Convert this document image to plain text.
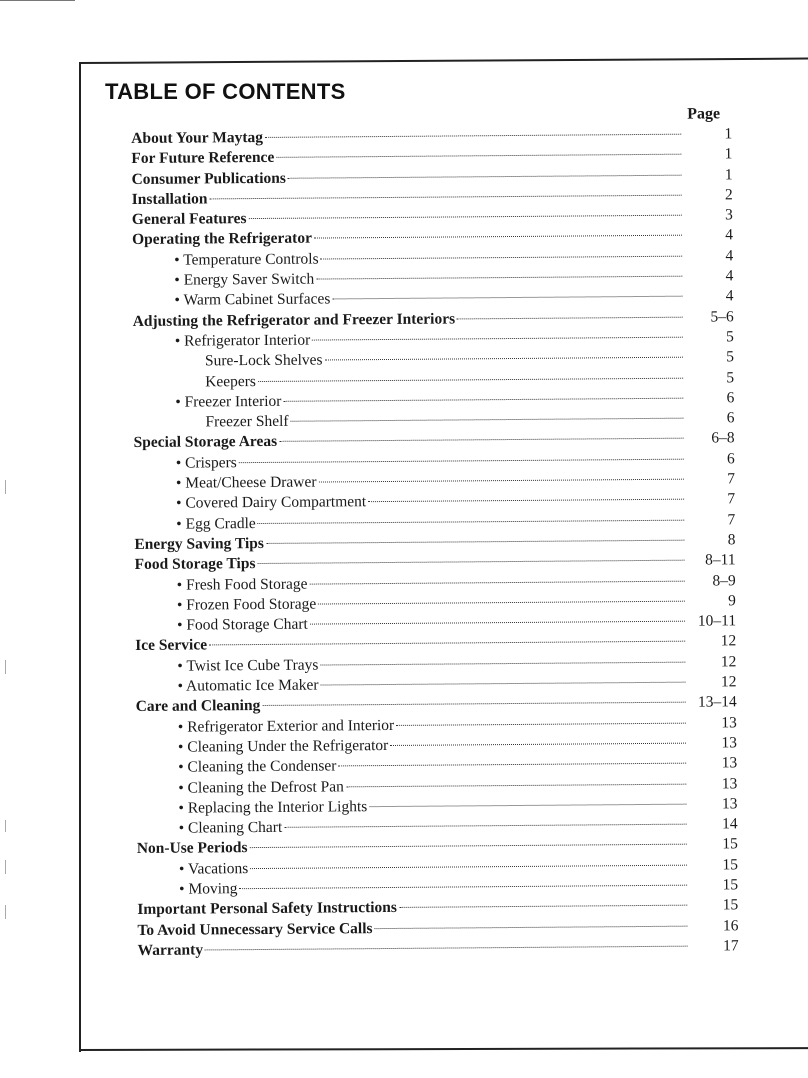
TABLE OF CONTENTS
Page
About Your Maytag	1
For Future Reference	1
Consumer Publications	1
Installation	2
General Features	3
Operating the Refrigerator	4
• Temperature Controls	4
• Energy Saver Switch	4
• Warm Cabinet Surfaces	4
Adjusting the Refrigerator and Freezer Interiors	5–6
• Refrigerator Interior	5
Sure-Lock Shelves	5
Keepers	5
• Freezer Interior	6
Freezer Shelf	6
Special Storage Areas	6–8
• Crispers	6
• Meat/Cheese Drawer	7
• Covered Dairy Compartment	7
• Egg Cradle	7
Energy Saving Tips	8
Food Storage Tips	8–11
• Fresh Food Storage	8–9
• Frozen Food Storage	9
• Food Storage Chart	10–11
Ice Service	12
• Twist Ice Cube Trays	12
• Automatic Ice Maker	12
Care and Cleaning	13–14
• Refrigerator Exterior and Interior	13
• Cleaning Under the Refrigerator	13
• Cleaning the Condenser	13
• Cleaning the Defrost Pan	13
• Replacing the Interior Lights	13
• Cleaning Chart	14
Non-Use Periods	15
• Vacations	15
• Moving	15
Important Personal Safety Instructions	15
To Avoid Unnecessary Service Calls	16
Warranty	17
